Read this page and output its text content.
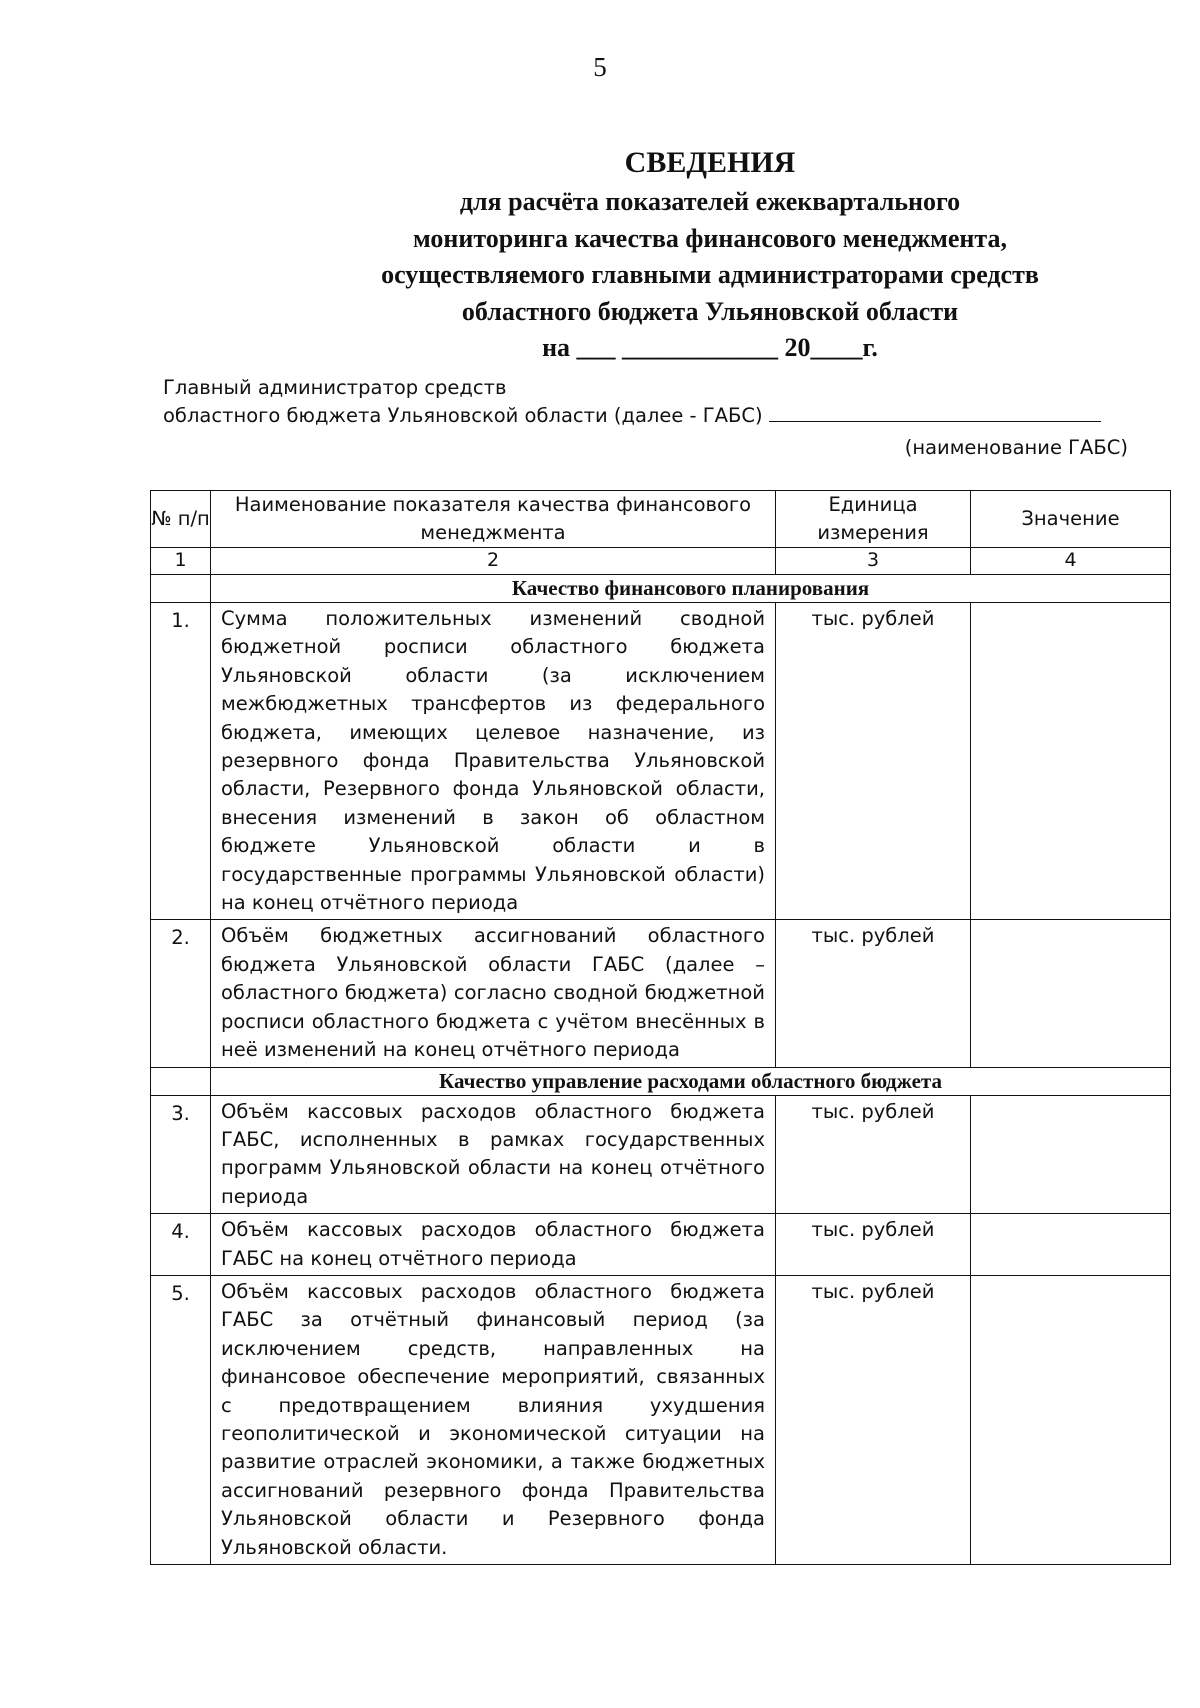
5
СВЕДЕНИЯ
для расчёта показателей ежеквартального
мониторинга качества финансового менеджмента,
осуществляемого главными администраторами средств
областного бюджета Ульяновской области
на ___ ____________ 20____г.
Главный администратор средств
областного бюджета Ульяновской области (далее - ГАБС)
(наименование ГАБС)
№ п/п	Наименование показателя качества финансового менеджмента	Единица измерения	Значение
1	2	3	4
	Качество финансового планирования		
1.	Сумма положительных изменений сводной бюджетной росписи областного бюджета Ульяновской области (за исключением межбюджетных трансфертов из федерального бюджета, имеющих целевое назначение, из резервного фонда Правительства Ульяновской области, Резервного фонда Ульяновской области, внесения изменений в закон об областном бюджете Ульяновской области и в государственные программы Ульяновской области) на конец отчётного периода	тыс. рублей	
2.	Объём бюджетных ассигнований областного бюджета Ульяновской области ГАБС (далее – областного бюджета) согласно сводной бюджетной росписи областного бюджета с учётом внесённых в неё изменений на конец отчётного периода	тыс. рублей	
	Качество управление расходами областного бюджета		
3.	Объём кассовых расходов областного бюджета ГАБС, исполненных в рамках государственных программ Ульяновской области на конец отчётного периода	тыс. рублей	
4.	Объём кассовых расходов областного бюджета ГАБС на конец отчётного периода	тыс. рублей	
5.	Объём кассовых расходов областного бюджета ГАБС за отчётный финансовый период (за исключением средств, направленных на финансовое обеспечение мероприятий, связанных с предотвращением влияния ухудшения геополитической и экономической ситуации на развитие отраслей экономики, а также бюджетных ассигнований резервного фонда Правительства Ульяновской области и Резервного фонда Ульяновской области.	тыс. рублей	
